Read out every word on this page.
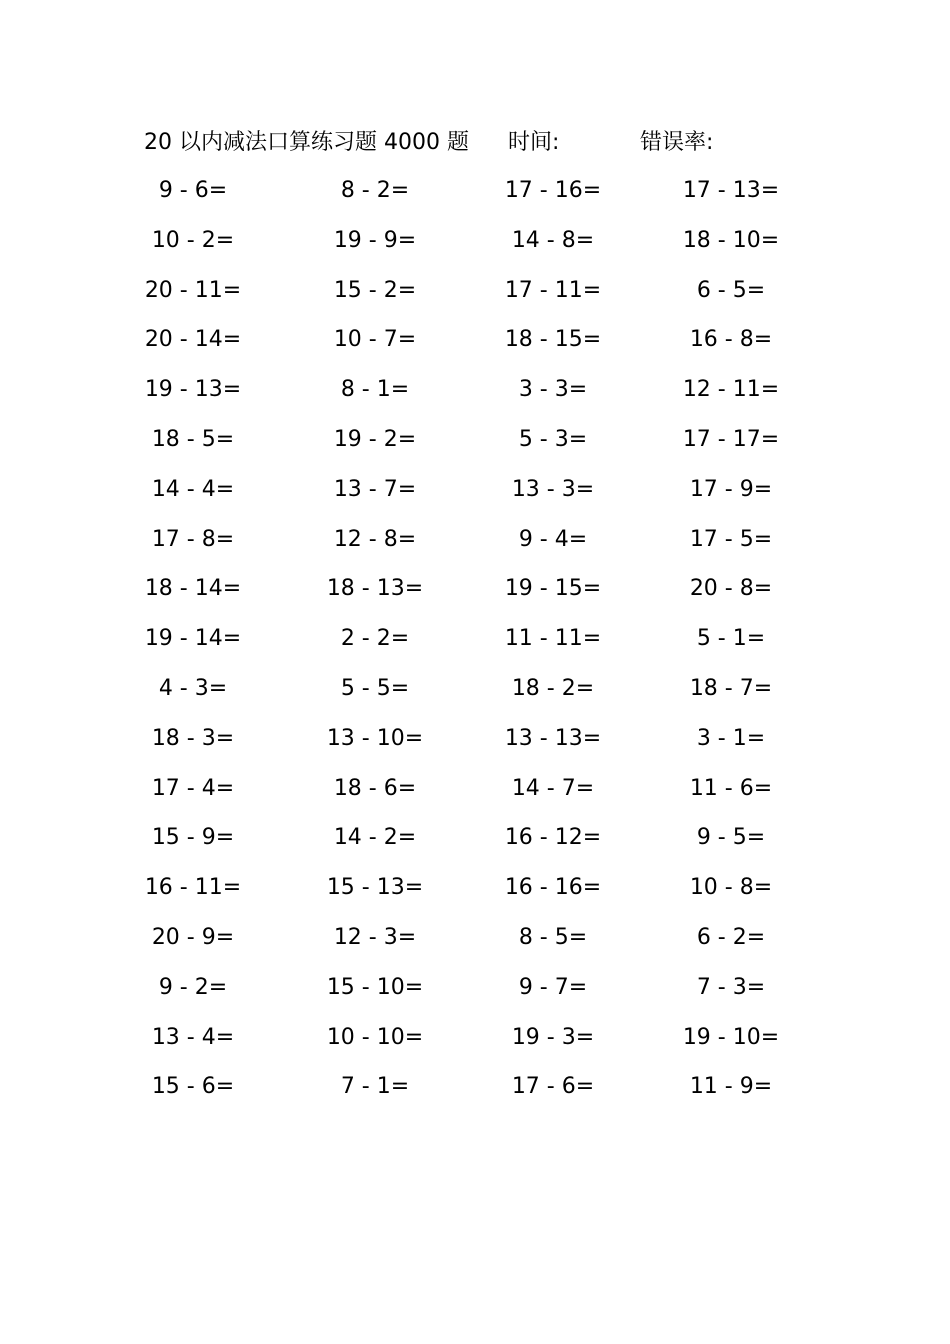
20 以内减法口算练习题 4000 题 时间:	错误率:
9 - 6=	8 - 2=	17 - 16=	17 - 13=
10 - 2=	19 - 9=	14 - 8=	18 - 10=
20 - 11=	15 - 2=	17 - 11=	6 - 5=
20 - 14=	10 - 7=	18 - 15=	16 - 8=
19 - 13=	8 - 1=	3 - 3=	12 - 11=
18 - 5=	19 - 2=	5 - 3=	17 - 17=
14 - 4=	13 - 7=	13 - 3=	17 - 9=
17 - 8=	12 - 8=	9 - 4=	17 - 5=
18 - 14=	18 - 13=	19 - 15=	20 - 8=
19 - 14=	2 - 2=	11 - 11=	5 - 1=
4 - 3=	5 - 5=	18 - 2=	18 - 7=
18 - 3=	13 - 10=	13 - 13=	3 - 1=
17 - 4=	18 - 6=	14 - 7=	11 - 6=
15 - 9=	14 - 2=	16 - 12=	9 - 5=
16 - 11=	15 - 13=	16 - 16=	10 - 8=
20 - 9=	12 - 3=	8 - 5=	6 - 2=
9 - 2=	15 - 10=	9 - 7=	7 - 3=
13 - 4=	10 - 10=	19 - 3=	19 - 10=
15 - 6=	7 - 1=	17 - 6=	11 - 9=
